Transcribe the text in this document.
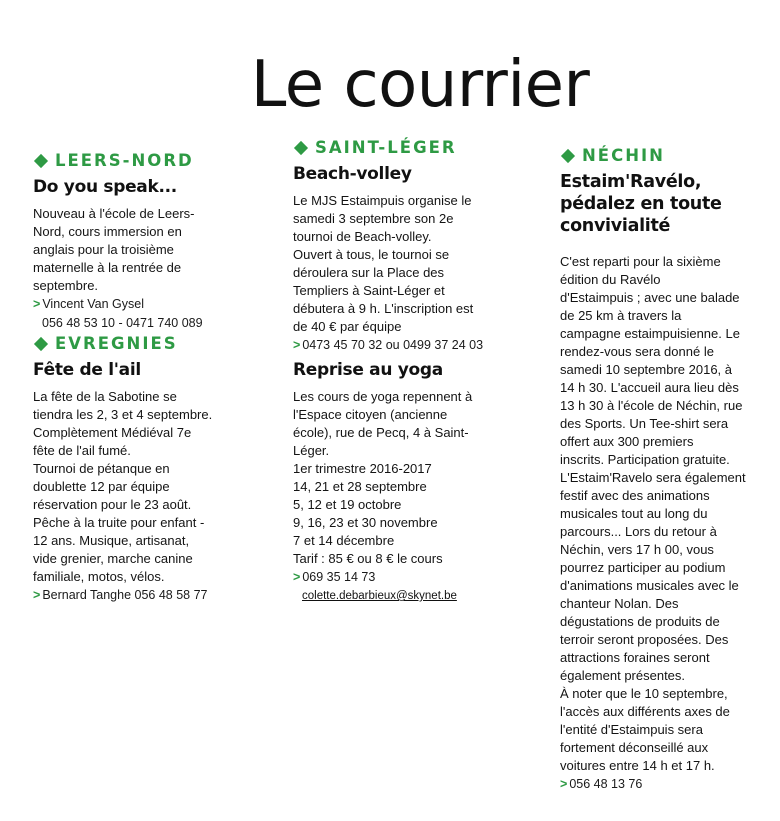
Le courrier
LEERS-NORD
Do you speak...

Nouveau à l'école de Leers-

Nord, cours immersion en

anglais pour la troisième

maternelle à la rentrée de

septembre.

> Vincent Van Gysel
056 48 53 10 - 0471 740 089
EVREGNIES
Fête de l'ail

La fête de la Sabotine se

tiendra les 2, 3 et 4 septembre.

Complètement Médiéval 7e

fête de l'ail fumé.

Tournoi de pétanque en

doublette 12 par équipe

réservation pour le 23 août.

Pêche à la truite pour enfant -

12 ans. Musique, artisanat,

vide grenier, marche canine

familiale, motos, vélos.

> Bernard Tanghe 056 48 58 77
SAINT-LÉGER
Beach-volley

Le MJS Estaimpuis organise le

samedi 3 septembre son 2e

tournoi de Beach-volley.

Ouvert à tous, le tournoi se

déroulera sur la Place des

Templiers à Saint-Léger et

débutera à 9 h. L'inscription est

de 40 € par équipe

> 0473 45 70 32 ou 0499 37 24 03
Reprise au yoga

Les cours de yoga repennent à

l'Espace citoyen (ancienne

école), rue de Pecq, 4 à Saint-

Léger.

1er trimestre 2016-2017

14, 21 et 28 septembre

5, 12 et 19 octobre

9, 16, 23 et 30 novembre

7 et 14 décembre

Tarif : 85 € ou 8 € le cours

> 069 35 14 73
colette.debarbieux@skynet.be
NÉCHIN
Estaim'Ravélo,
pédalez en toute
convivialité

C'est reparti pour la sixième

édition du Ravélo

d'Estaimpuis ; avec une balade

de 25 km à travers la

campagne estaimpuisienne. Le

rendez-vous sera donné le

samedi 10 septembre 2016, à

14 h 30. L'accueil aura lieu dès

13 h 30 à l'école de Néchin, rue

des Sports. Un Tee-shirt sera

offert aux 300 premiers

inscrits. Participation gratuite.

L'Estaim'Ravelo sera également

festif avec des animations

musicales tout au long du

parcours... Lors du retour à

Néchin, vers 17 h 00, vous

pourrez participer au podium

d'animations musicales avec le

chanteur Nolan. Des

dégustations de produits de

terroir seront proposées. Des

attractions foraines seront

également présentes.

À noter que le 10 septembre,

l'accès aux différents axes de

l'entité d'Estaimpuis sera

fortement déconseillé aux

voitures entre 14 h et 17 h.

> 056 48 13 76
